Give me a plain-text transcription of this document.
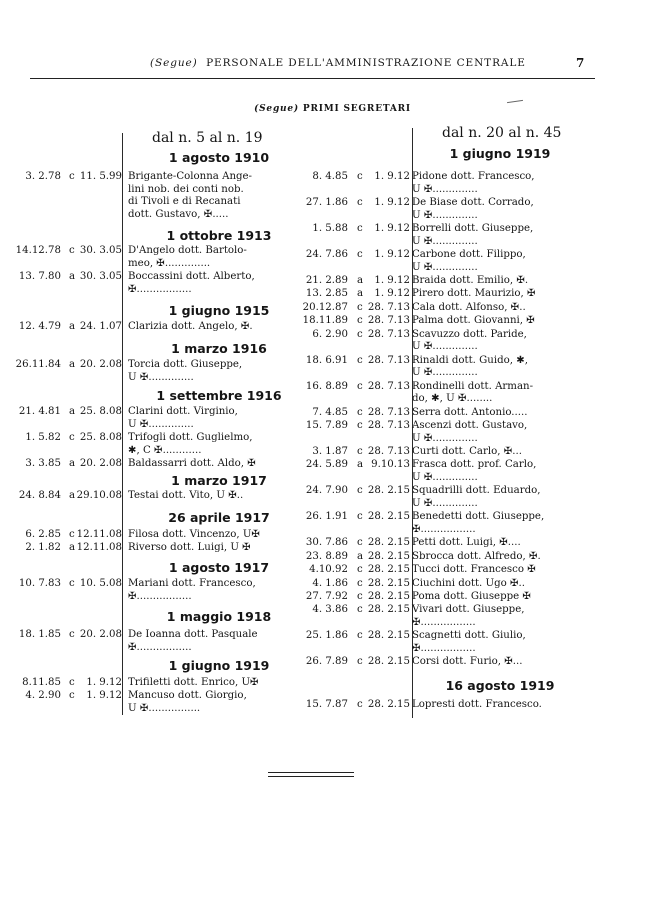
(Segue) PERSONALE DELL'AMMINISTRAZIONE CENTRALE	7
(Segue) PRIMI SEGRETARI
dal n. 5 al n. 19
1 agosto 1910
3. 2.78 c 11. 5.99 Brigante-Colonna Ange-
lini nob. dei conti nob.
di Tivoli e di Recanati
dott. Gustavo, ✠.....
1 ottobre 1913
14.12.78 c 30. 3.05 D'Angelo dott. Bartolo-
meo, ✠..............
13. 7.80 a 30. 3.05 Boccassini dott. Alberto,
✠.................
1 giugno 1915
12. 4.79 a 24. 1.07 Clarizia dott. Angelo, ✠.
1 marzo 1916
26.11.84 a 20. 2.08 Torcia dott. Giuseppe,
U ✠..............
1 settembre 1916
21. 4.81 a 25. 8.08 Clarini dott. Virginio,
U ✠..............
1. 5.82 c 25. 8.08 Trifogli dott. Guglielmo,
✱, C ✠............
3. 3.85 a 20. 2.08 Baldassarri dott. Aldo, ✠
1 marzo 1917
24. 8.84 a 29.10.08 Testai dott. Vito, U ✠..
26 aprile 1917
6. 2.85 c 12.11.08 Filosa dott. Vincenzo, U✠
2. 1.82 a 12.11.08 Riverso dott. Luigi, U ✠
1 agosto 1917
10. 7.83 c 10. 5.08 Mariani dott. Francesco,
✠.................
1 maggio 1918
18. 1.85 c 20. 2.08 De Ioanna dott. Pasquale
✠.................
1 giugno 1919
8.11.85 c 1. 9.12 Trifiletti dott. Enrico, U✠
4. 2.90 c 1. 9.12 Mancuso dott. Giorgio,
U ✠................
dal n. 20 al n. 45
1 giugno 1919
8. 4.85 c 1. 9.12 Pidone dott. Francesco,
U ✠..............
27. 1.86 c 1. 9.12 De Biase dott. Corrado,
U ✠..............
1. 5.88 c 1. 9.12 Borrelli dott. Giuseppe,
U ✠..............
24. 7.86 c 1. 9.12 Carbone dott. Filippo,
U ✠..............
21. 2.89 a 1. 9.12 Braida dott. Emilio, ✠.
13. 2.85 a 1. 9.12 Pirero dott. Maurizio, ✠
20.12.87 c 28. 7.13 Cala dott. Alfonso, ✠..
18.11.89 c 28. 7.13 Palma dott. Giovanni, ✠
6. 2.90 c 28. 7.13 Scavuzzo dott. Paride,
U ✠..............
18. 6.91 c 28. 7.13 Rinaldi dott. Guido, ✱,
U ✠..............
16. 8.89 c 28. 7.13 Rondinelli dott. Arman-
do, ✱, U ✠........
7. 4.85 c 28. 7.13 Serra dott. Antonio.....
15. 7.89 c 28. 7.13 Ascenzi dott. Gustavo,
U ✠..............
3. 1.87 c 28. 7.13 Curti dott. Carlo, ✠...
24. 5.89 a 9.10.13 Frasca dott. prof. Carlo,
U ✠..............
24. 7.90 c 28. 2.15 Squadrilli dott. Eduardo,
U ✠..............
26. 1.91 c 28. 2.15 Benedetti dott. Giuseppe,
✠.................
30. 7.86 c 28. 2.15 Petti dott. Luigi, ✠....
23. 8.89 a 28. 2.15 Sbrocca dott. Alfredo, ✠.
4.10.92 c 28. 2.15 Tucci dott. Francesco ✠
4. 1.86 c 28. 2.15 Ciuchini dott. Ugo ✠..
27. 7.92 c 28. 2.15 Poma dott. Giuseppe ✠
4. 3.86 c 28. 2.15 Vivari dott. Giuseppe,
✠.................
25. 1.86 c 28. 2.15 Scagnetti dott. Giulio,
✠.................
26. 7.89 c 28. 2.15 Corsi dott. Furio, ✠...
16 agosto 1919
15. 7.87 c 28. 2.15 Lopresti dott. Francesco.
